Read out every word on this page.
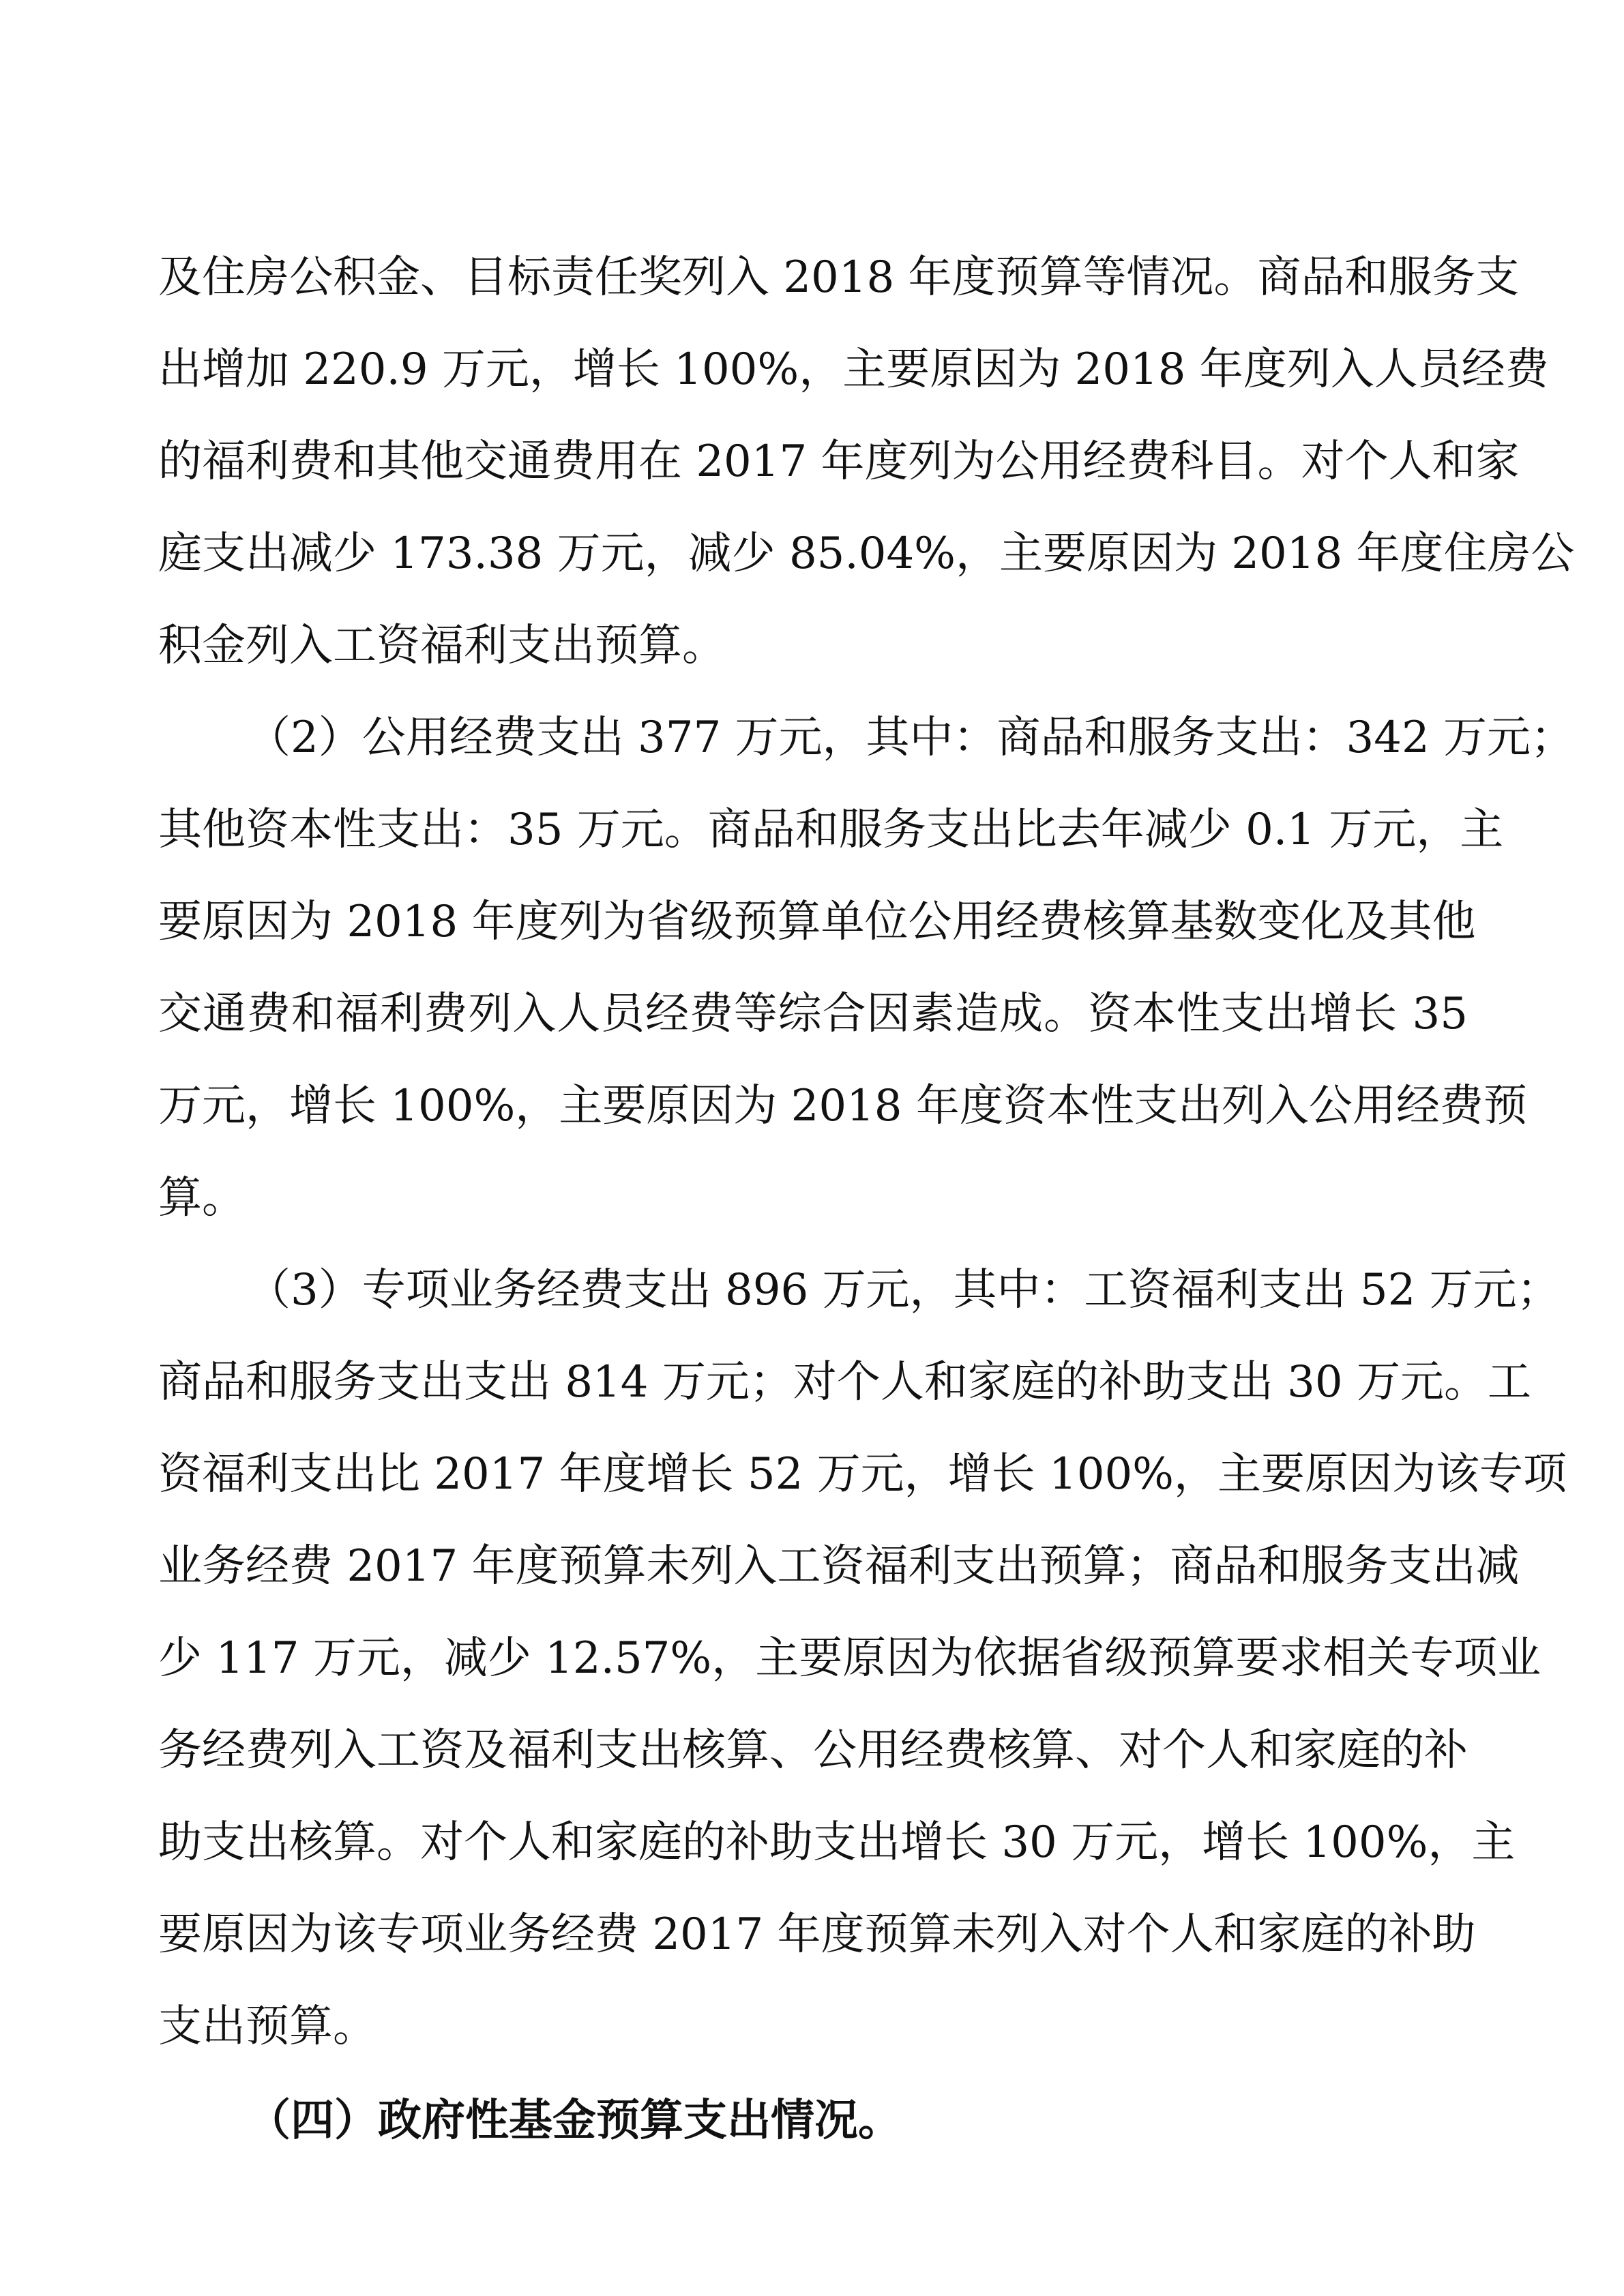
及住房公积金、目标责任奖列入 2018 年度预算等情况。商品和服务支
出增加 220.9 万元，增长 100%，主要原因为 2018 年度列入人员经费
的福利费和其他交通费用在 2017 年度列为公用经费科目。对个人和家
庭支出减少 173.38 万元，减少 85.04%，主要原因为 2018 年度住房公
积金列入工资福利支出预算。
（2）公用经费支出 377 万元，其中：商品和服务支出：342 万元；
其他资本性支出：35 万元。商品和服务支出比去年减少 0.1 万元，主
要原因为 2018 年度列为省级预算单位公用经费核算基数变化及其他
交通费和福利费列入人员经费等综合因素造成。资本性支出增长 35
万元，增长 100%，主要原因为 2018 年度资本性支出列入公用经费预
算。
（3）专项业务经费支出 896 万元，其中：工资福利支出 52 万元；
商品和服务支出支出 814 万元；对个人和家庭的补助支出 30 万元。工
资福利支出比 2017 年度增长 52 万元，增长 100%，主要原因为该专项
业务经费 2017 年度预算未列入工资福利支出预算；商品和服务支出减
少 117 万元，减少 12.57%，主要原因为依据省级预算要求相关专项业
务经费列入工资及福利支出核算、公用经费核算、对个人和家庭的补
助支出核算。对个人和家庭的补助支出增长 30 万元，增长 100%，主
要原因为该专项业务经费 2017 年度预算未列入对个人和家庭的补助
支出预算。
（四）政府性基金预算支出情况。
